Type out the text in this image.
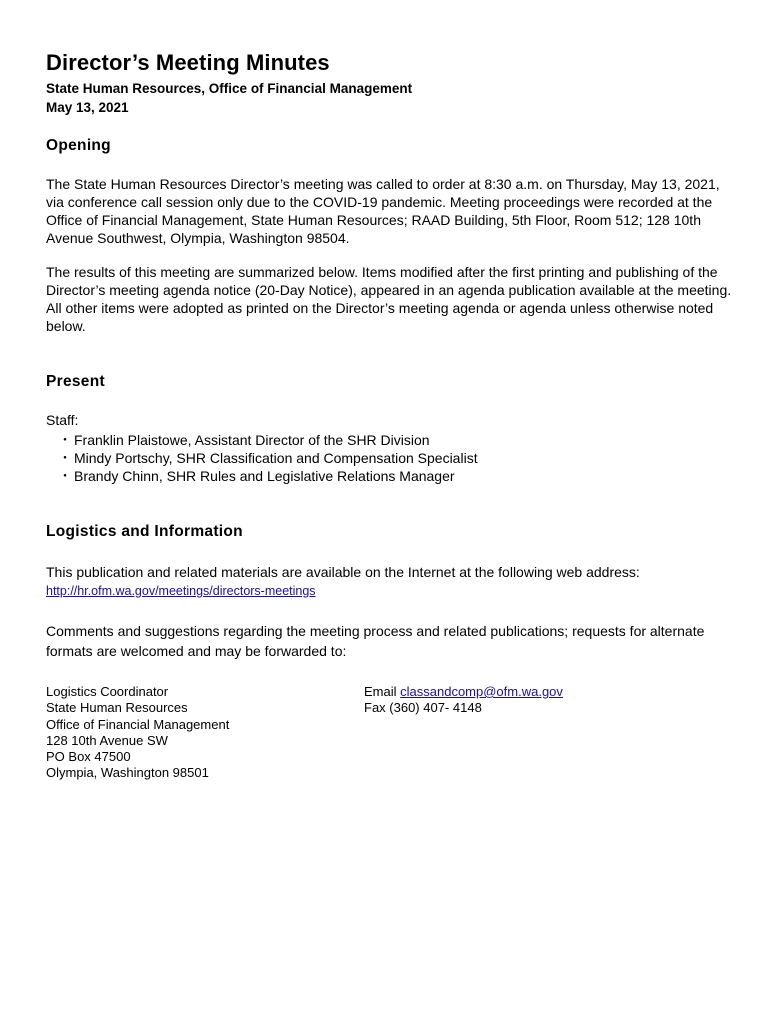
Director’s Meeting Minutes
State Human Resources, Office of Financial Management
May 13, 2021
Opening

The State Human Resources Director’s meeting was called to order at 8:30 a.m. on Thursday, May 13, 2021, via conference call session only due to the COVID-19 pandemic. Meeting proceedings were recorded at the Office of Financial Management, State Human Resources; RAAD Building, 5th Floor, Room 512; 128 10th Avenue Southwest, Olympia, Washington 98504.

The results of this meeting are summarized below. Items modified after the first printing and publishing of the Director’s meeting agenda notice (20-Day Notice), appeared in an agenda publication available at the meeting. All other items were adopted as printed on the Director’s meeting agenda or agenda unless otherwise noted below.

Present
Staff:
・ Franklin Plaistowe, Assistant Director of the SHR Division
・ Mindy Portschy, SHR Classification and Compensation Specialist
・ Brandy Chinn, SHR Rules and Legislative Relations Manager
Logistics and Information

This publication and related materials are available on the Internet at the following web address:

http://hr.ofm.wa.gov/meetings/directors-meetings

Comments and suggestions regarding the meeting process and related publications; requests for alternate formats are welcomed and may be forwarded to:

Logistics Coordinator
State Human Resources
Office of Financial Management
128 10th Avenue SW
PO Box 47500
Olympia, Washington 98501
Email classandcomp@ofm.wa.gov
Fax (360) 407- 4148
